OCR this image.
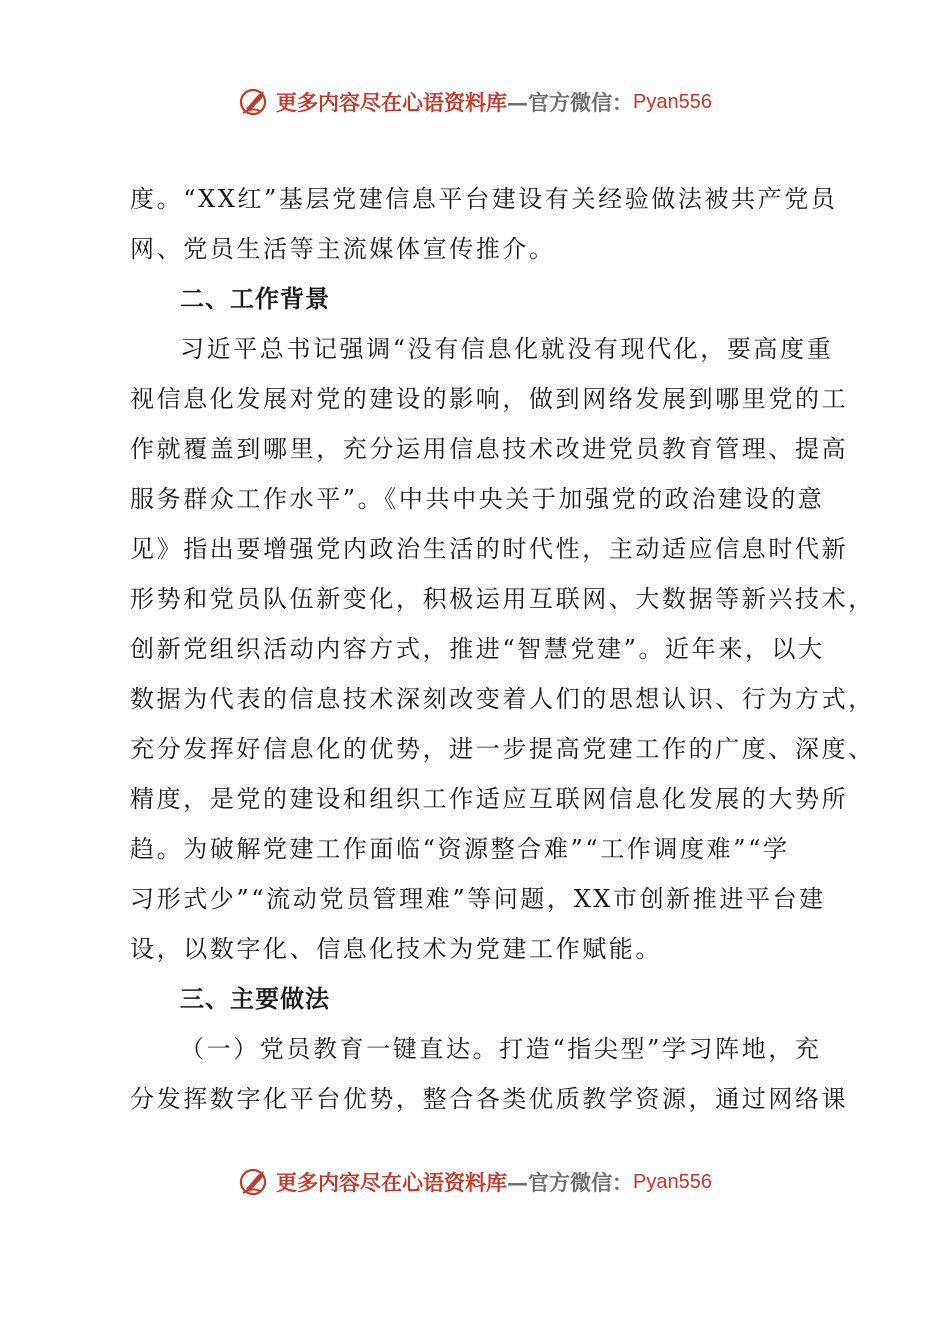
更多内容尽在心语资料库 — 官方微信： Pyan556
度。“XX红”基层党建信息平台建设有关经验做法被共产党员
网、党员生活等主流媒体宣传推介。
二、工作背景
习近平总书记强调“没有信息化就没有现代化，要高度重
视信息化发展对党的建设的影响，做到网络发展到哪里党的工
作就覆盖到哪里，充分运用信息技术改进党员教育管理、提高
服务群众工作水平”。《中共中央关于加强党的政治建设的意
见》指出要增强党内政治生活的时代性，主动适应信息时代新
形势和党员队伍新变化，积极运用互联网、大数据等新兴技术，
创新党组织活动内容方式，推进“智慧党建”。近年来，以大
数据为代表的信息技术深刻改变着人们的思想认识、行为方式，
充分发挥好信息化的优势，进一步提高党建工作的广度、深度、
精度，是党的建设和组织工作适应互联网信息化发展的大势所
趋。为破解党建工作面临“资源整合难”“工作调度难”“学
习形式少”“流动党员管理难”等问题，XX市创新推进平台建
设，以数字化、信息化技术为党建工作赋能。
三、主要做法
（一）党员教育一键直达。打造“指尖型”学习阵地，充
分发挥数字化平台优势，整合各类优质教学资源，通过网络课
更多内容尽在心语资料库 — 官方微信： Pyan556
